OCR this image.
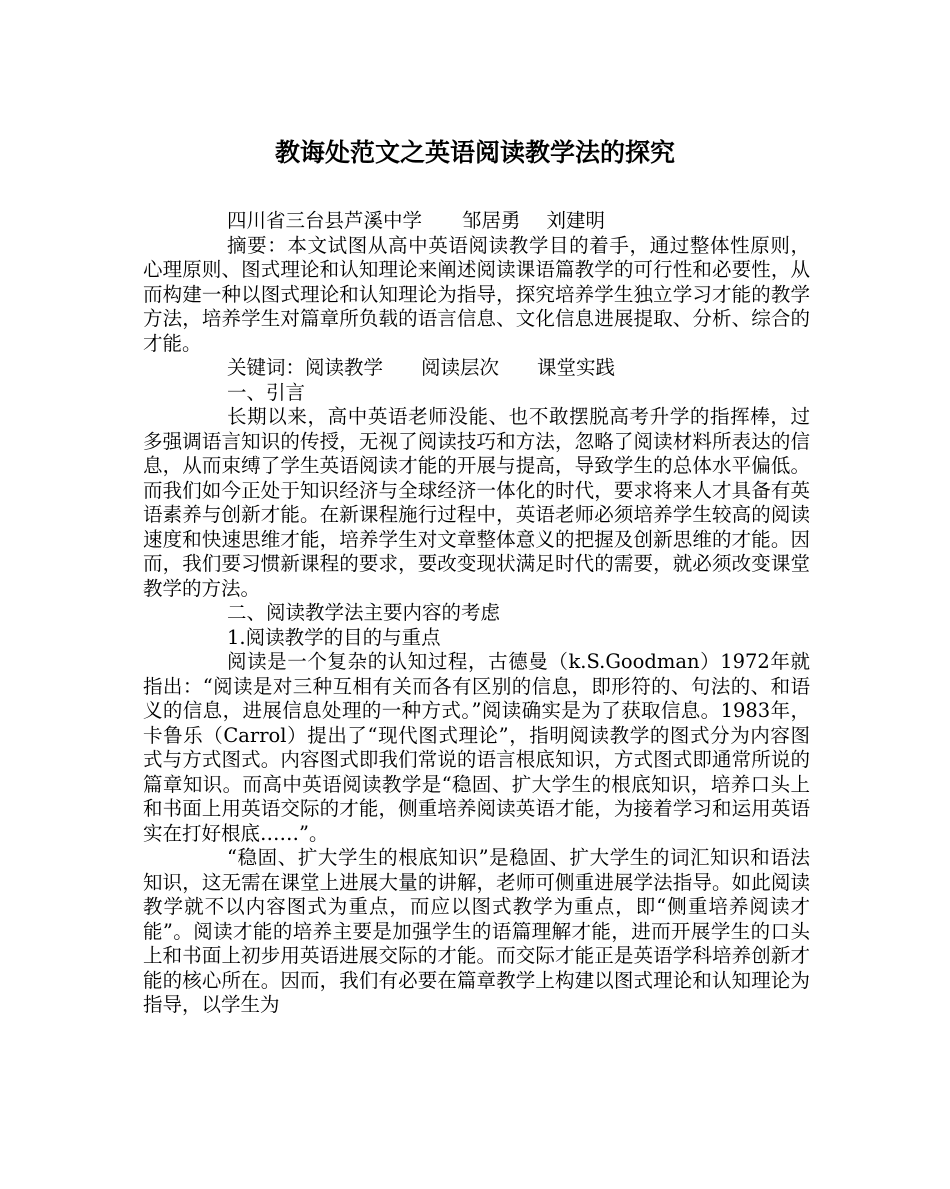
教诲处范文之英语阅读教学法的探究

四川省三台县芦溪中学 邹居勇 刘建明

摘要：本文试图从高中英语阅读教学目的着手，通过整体性原则，心理原则、图式理论和认知理论来阐述阅读课语篇教学的可行性和必要性，从而构建一种以图式理论和认知理论为指导，探究培养学生独立学习才能的教学方法，培养学生对篇章所负载的语言信息、文化信息进展提取、分析、综合的才能。

关键词：阅读教学 阅读层次 课堂实践

一、引言

长期以来，高中英语老师没能、也不敢摆脱高考升学的指挥棒，过多强调语言知识的传授，无视了阅读技巧和方法，忽略了阅读材料所表达的信息，从而束缚了学生英语阅读才能的开展与提高，导致学生的总体水平偏低。而我们如今正处于知识经济与全球经济一体化的时代，要求将来人才具备有英语素养与创新才能。在新课程施行过程中，英语老师必须培养学生较高的阅读速度和快速思维才能，培养学生对文章整体意义的把握及创新思维的才能。因而，我们要习惯新课程的要求，要改变现状满足时代的需要，就必须改变课堂教学的方法。

二、阅读教学法主要内容的考虑

1.阅读教学的目的与重点

阅读是一个复杂的认知过程，古德曼（k.S.Goodman）1972年就指出：“阅读是对三种互相有关而各有区别的信息，即形符的、句法的、和语义的信息，进展信息处理的一种方式。”阅读确实是为了获取信息。1983年，卡鲁乐（Carrol）提出了“现代图式理论”，指明阅读教学的图式分为内容图式与方式图式。内容图式即我们常说的语言根底知识，方式图式即通常所说的篇章知识。而高中英语阅读教学是“稳固、扩大学生的根底知识，培养口头上和书面上用英语交际的才能，侧重培养阅读英语才能，为接着学习和运用英语实在打好根底……”。

“稳固、扩大学生的根底知识”是稳固、扩大学生的词汇知识和语法知识，这无需在课堂上进展大量的讲解，老师可侧重进展学法指导。如此阅读教学就不以内容图式为重点，而应以图式教学为重点，即“侧重培养阅读才能”。阅读才能的培养主要是加强学生的语篇理解才能，进而开展学生的口头上和书面上初步用英语进展交际的才能。而交际才能正是英语学科培养创新才能的核心所在。因而，我们有必要在篇章教学上构建以图式理论和认知理论为指导，以学生为
